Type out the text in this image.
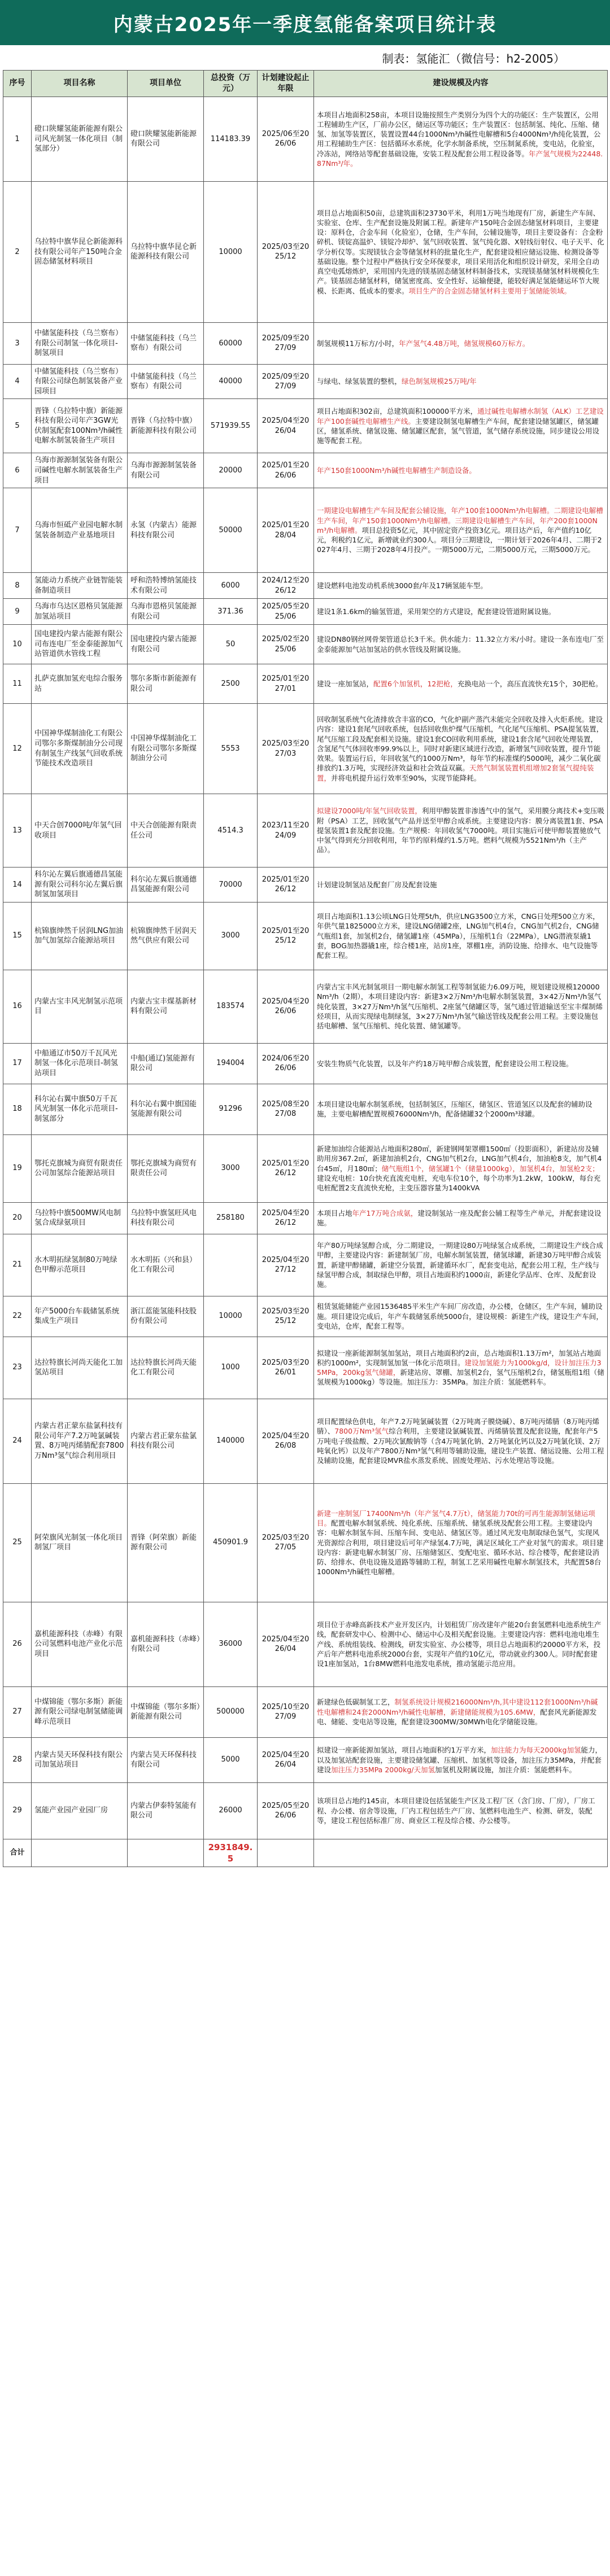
内蒙古2025年一季度氢能备案项目统计表
制表：氢能汇（微信号：h2-2005）
序号	项目名称	项目单位	总投资（万元）	计划建设起止年限	建设规模及内容
1	磴口陕耀氢能新能源有限公司风光制氢一体化项目（制氢部分）	磴口陕耀氢能新能源有限公司	114183.39	2025/06至2026/06	本项目占地面积258亩，本项目设施按照生产类别分为四个大的功能区：生产装置区，公用工程辅助生产区，厂前办公区，储运区等功能区；生产装置区：包括制氢、纯化、压缩、储氢、加氢等装置区，装置设置44台1000Nm³/h碱性电解槽和5台4000Nm³/h纯化装置，公用工程辅助生产区：包括循环水系统，化学水制备系统，空压制氮系统，变电站，化验室，冷冻站，网络站等配套基础设施，安装工程及配套公用工程设备等。年产氢气规模为22448.87Nm³/年。
2	乌拉特中旗华昆仑新能源科技有限公司年产150吨合金固态储氢材料项目	乌拉特中旗华昆仑新能源科技有限公司	10000	2025/03至2025/12	项目总占地面积50亩，总建筑面积23730平米，利用1万吨当地现有厂房，新建生产车间、实验室、仓库、生产配套设施及附属工程。新建年产150吨合金固态储氢材料项目，主要建设：原料仓，合金车间（化验室），仓储，生产车间，公辅设施等，项目主要设备有：合金粉碎机、镁锭高温炉、镁锭冷却炉、氢气回收装置、氢气纯化器、X射线衍射仪、电子天平、化学分析仪等。实现镁钛合金等储氢材料的批量化生产，配套建设相应储运设施、检测设备等基础设施。整个过程中严格执行安全环保要求，项目采用活化和组织设计研发，采用全自动真空电弧熔炼炉，采用国内先进的镁基固态储氢材料制备技术，实现镁基储氢材料规模化生产。镁基固态储氢材料，储氢密度高、安全性好、运输便捷，能较好满足氢能储运环节大规模、长距离、低成本的要求。项目生产的合金固态储氢材料主要用于氢储能领域。
3	中储氢能科技（乌兰察布）有限公司制氢一体化项目-制氢项目	中储氢能科技（乌兰察布）有限公司	60000	2025/09至2027/09	制氢规模11万标方/小时，年产氢气4.48万吨，储氢规模60万标方。
4	中储氢能科技（乌兰察布）有限公司绿色制氢装备产业园项目	中储氢能科技（乌兰察布）有限公司	40000	2025/09至2027/09	与绿电、绿氢装置的整机，绿色制氢规模25万吨/年
5	晋锋（乌拉特中旗）新能源科技有限公司年产3GW光伏制氢配套100Nm³/h碱性电解水制氢装备生产项目	晋锋（乌拉特中旗）新能源科技有限公司	571939.55	2025/04至2026/04	项目占地面积302亩，总建筑面积100000平方米，通过碱性电解槽水制氢（ALK）工艺建设年产100套碱性电解槽生产线。主要建设制氢电解槽生产车间，配套建设储氢罐区，储氢罐区，储氢系统、储氢设施、储氢罐区配套，氢气管道，氢气储存系统设施，同步建设公用设施等配套工程。
6	乌海市源源制氢装备有限公司碱性电解水制氢装备生产项目	乌海市源源制氢装备有限公司	20000	2025/01至2026/06	年产150套1000Nm³/h碱性电解槽生产制造设备。
7	乌海市恒砥产业园电解水制氢装备制造产业基地项目	永氢（内蒙古）能源科技有限公司	50000	2025/01至2028/04	一期建设电解槽生产车间及配套公辅设施，年产100套1000Nm³/h电解槽。二期建设电解槽生产车间，年产150套1000Nm³/h电解槽。三期建设电解槽生产车间，年产200套1000Nm³/h电解槽。项目总投资5亿元，其中固定资产投资3亿元。项目达产后，年产值约10亿元，利税约1亿元，新增就业约300人。项目分三期建设，一期计划于2026年4月、二期于2027年4月、三期于2028年4月投产。一期5000万元，二期5000万元，三期5000万元。
8	氢能动力系统产业链智能装备制造项目	呼和浩特博纳氢能技术有限公司	6000	2024/12至2026/12	建设燃料电池发动机系统3000套/年及17辆氢能车型。
9	乌海市乌达区恩格贝氢能源加氢站项目	乌海市恩格贝氢能源有限公司	371.36	2025/05至2025/06	建设1条1.6km的输氢管道，采用架空的方式建设，配套建设管道附属设施。
10	国电建投内蒙古能源有限公司布连电厂至金泰能源加气站管道供水管线工程	国电建投内蒙古能源有限公司	50	2025/02至2025/06	建设DN80钢丝网骨架管道总长3千米。供水能力：11.32立方米/小时。建设一条布连电厂至金泰能源加气站加氢站的供水管线及附属设施。
11	扎萨克旗加氢充电综合服务站	鄂尔多斯市新能源有限公司	2500	2025/01至2027/01	建设一座加氢站，配置6个加氢机，12把枪，充换电站一个，高压直流快充15个，30把枪。
12	中国神华煤制油化工有限公司鄂尔多斯煤制油分公司现有制氢生产线氢气回收系统节能技术改造项目	中国神华煤制油化工有限公司鄂尔多斯煤制油分公司	5553	2025/03至2027/03	回收制氢系统气化渣排放含丰富的CO，气化炉副产蒸汽未能完全回收及排入火炬系统。建设内容：建设1套尾气回收系统，包括回收焦炉煤气压缩机，气化尾气压缩机、PSA提氢装置，尾气压缩工段及配套相关设施。建设1套CO回收利用系统，建设1套含尾气回收处理装置，含氢尾气气体回收率99.9%以上，同时对新建区域进行改造，新增氢气回收装置，提升节能效果。装置运行后，年回收氢气约1000万Nm³，每年节约标准煤约5000吨，减少二氧化碳排放约1.3万吨，实现经济效益和社会效益双赢。天然气制氢装置机组增加2套氢气提纯装置，并将电机提升运行效率至90%，实现节能降耗。
13	中天合创7000吨/年氢气回收项目	中天合创能源有限责任公司	4514.3	2023/11至2024/09	拟建设7000吨/年氢气回收装置，利用甲醇装置非渗透气中的氢气，采用膜分离技术+变压吸附（PSA）工艺，回收氢气产品并送至甲醇合成系统。主要建设内容：膜分离装置1套、PSA提氢装置1套及配套设施。生产规模：年回收氢气7000吨。项目实施后可使甲醇装置驰放气中氢气得到充分回收利用，年节约原料煤约1.5万吨。燃料气规模为5521Nm³/h（主产品）。
14	科尔沁左翼后旗通德昌氢能源有限公司科尔沁左翼后旗制氢加氢项目	科尔沁左翼后旗通德昌氢能源有限公司	70000	2025/01至2026/12	计划建设制氢站及配套厂房及配套设施
15	杭锦旗绅然千居润LNG加油加气加氢综合能源站项目	杭锦旗绅然千居润天然气供应有限公司	3000	2025/01至2025/12	项目占地面积1.13公顷LNG日处理5t/h，供应LNG3500立方米，CNG日处理500立方米，年供气量1825000立方米，建设LNG储罐2座，LNG加气机4台，CNG加气机2台，CNG储气瓶组1套，加氢机2台，储氢罐1座（45MPa），压缩机1台（22MPa），LNG潜液泵撬1套，BOG加热器撬1座，综合楼1座，站房1座，罩棚1座，消防设施、给排水、电气设施等配套工程。
16	内蒙古宝丰风光制氢示范项目	内蒙古宝丰煤基新材料有限公司	183574	2025/04至2026/06	内蒙古宝丰风光制氢项目一期电解水制氢工程等制氢能力6.09万吨，规划建设规模120000Nm³/h（2期），本项目建设内容：新建3×2万Nm³/h电解水制氢装置，3×42万Nm³/h氢气纯化装置，3×27万Nm³/h氢气压缩机、2座氢气储罐区等，氢气通过管道输送至宝丰煤制烯烃项目，从而实现绿电制绿氢，3×27万Nm³/h氢气输送管线及配套公用工程。主要设施包括电解槽、氢气压缩机、纯化装置、储氢罐等。
17	中船通辽市50万千瓦风光制氢一体化示范项目-制氢站项目	中船(通辽)氢能源有限公司	194004	2024/06至2026/06	安装生物质气化装置，以及年产约18万吨甲醇合成装置，配套建设公用工程设施。
18	科尔沁右翼中旗50万千瓦风光制氢一体化示范项目-制氢部分	科尔沁右翼中旗国能氢能源有限公司	91296	2025/08至2027/08	本项目建设电解水制氢系统，包括制氢区，压缩区，储氢区、管道氢区以及配套的辅助设施，主要电解槽配置规模76000Nm³/h，配备储罐32个2000m³球罐。
19	鄂托克旗城为商贸有限责任公司加氢综合能源站项目	鄂托克旗城为商贸有限责任公司	3000	2025/01至2026/12	新建加油综合能源站占地面积280㎡，新建钢网架罩棚1500㎡（投影面积），新建站房及辅助用房367.2㎡，新建加油机2台，CNG加气机2台，LNG加气机4台，加油枪8支，加气机4台45㎡，月180㎡；储气瓶组1个，储氢罐1个（储量1000kg），加氢机4台，加氢枪2支；建设充电桩：10台快充直流充电桩，充电车位10个，每个功率为1.2kW，100kW，每台充电桩配置2支直流快充枪，主变压器容量为1400kVA
20	乌拉特中旗500MW风电制氢合成绿氨项目	乌拉特中旗氢旺风电科技有限公司	258180	2025/04至2026/12	本项目占地年产17万吨合成氨，建设制氢站一座及配套公辅工程等生产单元，并配套建设设施。
21	水木明拓绿氢制80万吨绿色甲醇示范项目	水木明拓（兴和县）化工有限公司		2025/04至2027/12	年产80万吨绿氢醇合成，分二期建设，一期建设80万吨绿氢合成系统，二期建设生产线合成甲醇，主要建设内容：新建制氢厂房，电解水制氢装置，储氢球罐，新建30万吨甲醇合成装置，新建甲醇储罐，新建空分装置，新建循环水厂，配套变电站，配套公用工程，生产线与绿氢甲醇合成，制取绿色甲醇，项目占地面积约1000亩，新建化学品库、仓库、及配套设施。
22	年产5000台车载储氢系统集成生产项目	浙江蓝能氢能科技股份有限公司	10000	2025/03至2025/12	租赁氢能储能产业园1536485平米生产车间厂房改造，办公楼，仓储区，生产车间，辅助设施。项目建设完成后，年产车载储氢系统5000台，建设规模：新建生产线，建设生产车间，变电站，仓库，配套工程等。
23	达拉特旗长河尚天能化工加氢站项目	达拉特旗长河尚天能化工有限公司	1000	2025/03至2026/01	拟建设一座新能源制氢加氢站，项目占地面积约2亩，总占地面积1.13万m²，加氢站占地面积约1000m²，实现制氢加氢一体化示范项目。建设加氢能力为1000kg/d，设计加注压力35MPa，200kg氢气储罐，新建站房、罩棚、加氢机2台，氢气压缩机2台，储氢瓶组1组（储氢规模为1000kg）等设施。加注压力：35MPa。加注介质：氢能燃料车。
24	内蒙古君正蒙东盐氯科技有限公司年产7.2万吨氯碱装置、8万吨丙烯腈配套7800万Nm³氢气综合利用项目	内蒙古君正蒙东盐氯科技有限公司	140000	2025/04至2026/08	项目配置绿色供电，年产7.2万吨氯碱装置（2万吨离子膜烧碱）、8万吨丙烯腈（8万吨丙烯腈）、7800万Nm³氢气综合利用，主要建设氯碱装置、丙烯腈装置及配套设施，配套年产5万吨电子级盐酸、2万吨次氯酸钠等（含4万吨氯化钠、2万吨氯化钙以及2万吨氯化镁、2万吨氧化钙）以及年产7800万Nm³氢气利用等辅助设施，建设生产装置、储运设施、公用工程及辅助设施，配套建设MVR盐水蒸发系统、固废处理站、污水处理站等设施。
25	阿荣旗风光制氢一体化项目制氢厂项目	晋锋（阿荣旗）新能源有限公司	450901.9	2025/03至2027/05	新建一座制氢厂17400Nm³/h（年产氢气4.7万t），储氢能力70t的可再生能源制氢储运项目。配置电解水制氢系统、纯化系统、压缩系统、储氢系统及配套公用工程。主要建设内容：电解水制氢车间、压缩车间、变电站、储氢区等。通过风光发电制取绿色氢气，实现风光资源综合利用，项目建设后可年产绿氢4.7万吨，满足区域化工产业对氢气的需求。项目建设内容：新建电解水制氢厂房、压缩储氢区、变配电室、循环水站、综合楼等，配套建设消防、给排水、供电设施及道路等辅助工程，制氢工艺采用碱性电解水制氢技术，共配置58台1000Nm³/h碱性电解槽。
26	嘉机能源科技（赤峰）有限公司氢燃料电池产业化示范项目	嘉机能源科技（赤峰）有限公司	36000	2025/04至2026/04	项目位于赤峰高新技术产业开发区内，计划租赁厂房改建年产能20台套氢燃料电池系统生产线，配套研发中心、检测中心、储运中心及相关配套设施。主要建设内容：燃料电池电堆生产线、系统组装线、检测线，研发实验室、办公楼等，项目总占地面积约20000平方米，投产后年产燃料电池系统2000台套，实现年产值约10亿元，带动就业约300人。同时配套建设1座加氢站，1台8MW燃料电池发电系统，推动氢能示范应用。
27	中煤锦能（鄂尔多斯）新能源有限公司绿电制氢储能调峰示范项目	中煤锦能（鄂尔多斯）新能源有限公司	500000	2025/10至2027/09	新建绿色低碳制氢工艺，制氢系统设计规模216000Nm³/h,其中建设112套1000Nm³/h碱性电解槽和24套2000Nm³/h碱性电解槽，新建储能规模为105.6MW，配套风光新能源发电、储能、变电站等设施，配套建设300MW/30MWh电化学储能设施。
28	内蒙古昊天环保科技有限公司加氢站项目	内蒙古昊天环保科技有限公司	5000	2025/04至2026/04	拟建设一座新能源加氢站，项目占地面积约1万平方米，加注能力为每天2000kg加氢能力，以及加氢站配套设施，主要建设储氢罐、压缩机、加氢机等设备，加注压力35MPa，并配套建设加注压力35MPa 2000kg/天加氢加氢机及附属设施，加注介质：氢能燃料车。
29	氢能产业园产业园厂房	内蒙古伊泰特氢能有限公司	26000	2025/05至2026/06	该项目总占地约145亩，本项目建设包括氢能生产区及工程厂区（含门房、厂房），厂房工程、办公楼、宿舍等设施，厂内工程包括生产厂房、氢燃料电池生产、检测、研发，装配等，建设工程包括标准厂房、商业区工程及综合楼、办公楼等。
合计			2931849.5		
